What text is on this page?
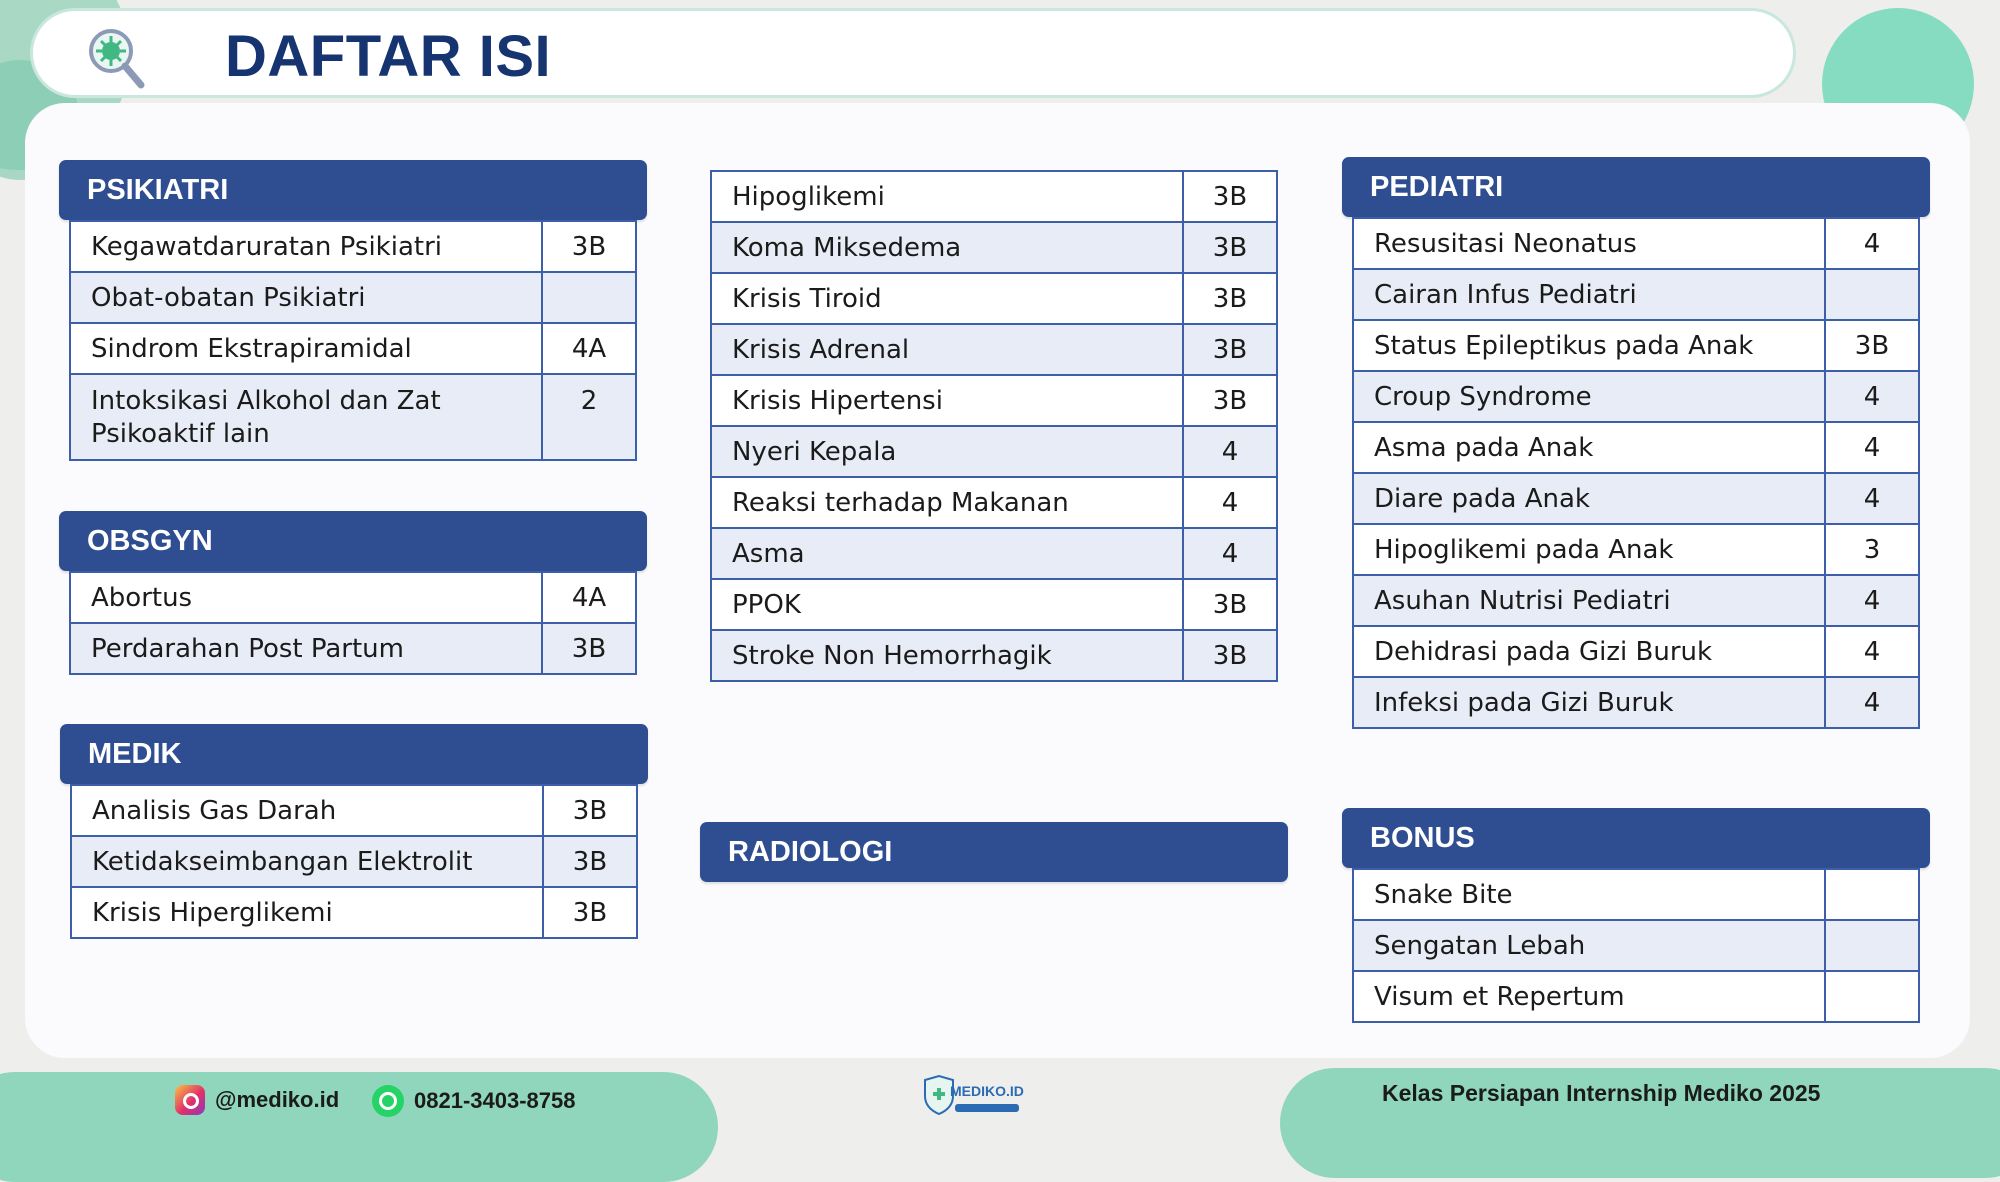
DAFTAR ISI
PSIKIATRI
Kegawatdaruratan Psikiatri	3B
Obat-obatan Psikiatri	
Sindrom Ekstrapiramidal	4A
Intoksikasi Alkohol dan Zat Psikoaktif lain	2
OBSGYN
Abortus	4A
Perdarahan Post Partum	3B
MEDIK
Analisis Gas Darah	3B
Ketidakseimbangan Elektrolit	3B
Krisis Hiperglikemi	3B
Hipoglikemi	3B
Koma Miksedema	3B
Krisis Tiroid	3B
Krisis Adrenal	3B
Krisis Hipertensi	3B
Nyeri Kepala	4
Reaksi terhadap Makanan	4
Asma	4
PPOK	3B
Stroke Non Hemorrhagik	3B
RADIOLOGI
PEDIATRI
Resusitasi Neonatus	4
Cairan Infus Pediatri	
Status Epileptikus pada Anak	3B
Croup Syndrome	4
Asma pada Anak	4
Diare pada Anak	4
Hipoglikemi pada Anak	3
Asuhan Nutrisi Pediatri	4
Dehidrasi pada Gizi Buruk	4
Infeksi pada Gizi Buruk	4
BONUS
Snake Bite	
Sengatan Lebah	
Visum et Repertum	
@mediko.id	0821-3403-8758	MEDIKO.ID	Kelas Persiapan Internship Mediko 2025
